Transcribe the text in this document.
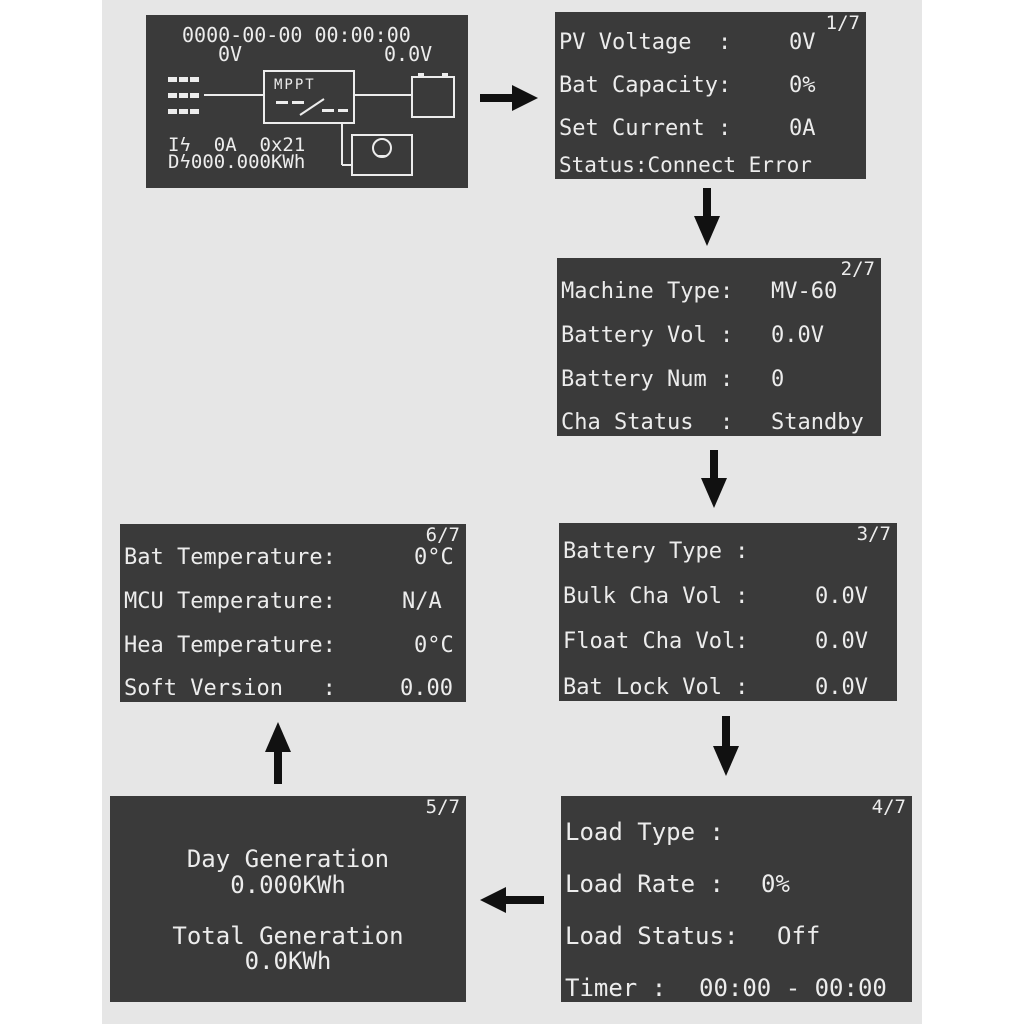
0000-00-00 00:00:00
0V	0.0V
MPPT
Iϟ  0A  0x21
Dϟ000.000KWh
1/7
PV Voltage  :	0V
Bat Capacity:	0%
Set Current :	0A
Status:Connect Error
2/7
Machine Type: MV-60
Battery Vol : 0.0V
Battery Num : 0
Cha Status  : Standby
3/7
Battery Type :
Bulk Cha Vol :	0.0V
Float Cha Vol:	0.0V
Bat Lock Vol :	0.0V
4/7
Load Type :
Load Rate : 0%
Load Status: Off
Timer : 00:00 - 00:00
5/7
Day Generation
0.000KWh
Total Generation
0.0KWh
6/7
Bat Temperature:	0°C
MCU Temperature:	N/A
Hea Temperature:	0°C
Soft Version   :	0.00
